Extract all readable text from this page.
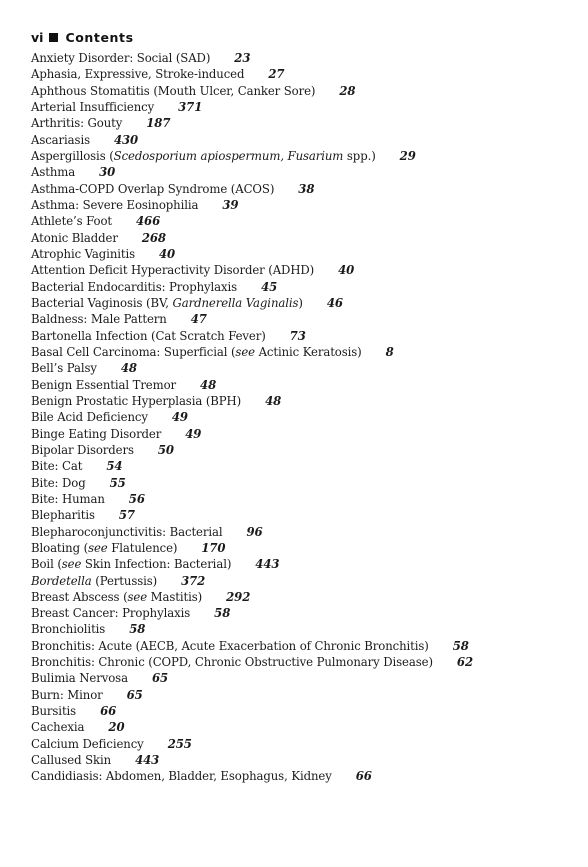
vi Contents
Anxiety Disorder: Social (SAD) 23
Aphasia, Expressive, Stroke-induced 27
Aphthous Stomatitis (Mouth Ulcer, Canker Sore) 28
Arterial Insufficiency 371
Arthritis: Gouty 187
Ascariasis 430
Aspergillosis (Scedosporium apiospermum, Fusarium spp.) 29
Asthma 30
Asthma-COPD Overlap Syndrome (ACOS) 38
Asthma: Severe Eosinophilia 39
Athlete’s Foot 466
Atonic Bladder 268
Atrophic Vaginitis 40
Attention Deficit Hyperactivity Disorder (ADHD) 40
Bacterial Endocarditis: Prophylaxis 45
Bacterial Vaginosis (BV, Gardnerella Vaginalis) 46
Baldness: Male Pattern 47
Bartonella Infection (Cat Scratch Fever) 73
Basal Cell Carcinoma: Superficial (see Actinic Keratosis) 8
Bell’s Palsy 48
Benign Essential Tremor 48
Benign Prostatic Hyperplasia (BPH) 48
Bile Acid Deficiency 49
Binge Eating Disorder 49
Bipolar Disorders 50
Bite: Cat 54
Bite: Dog 55
Bite: Human 56
Blepharitis 57
Blepharoconjunctivitis: Bacterial 96
Bloating (see Flatulence) 170
Boil (see Skin Infection: Bacterial) 443
Bordetella (Pertussis) 372
Breast Abscess (see Mastitis) 292
Breast Cancer: Prophylaxis 58
Bronchiolitis 58
Bronchitis: Acute (AECB, Acute Exacerbation of Chronic Bronchitis) 58
Bronchitis: Chronic (COPD, Chronic Obstructive Pulmonary Disease) 62
Bulimia Nervosa 65
Burn: Minor 65
Bursitis 66
Cachexia 20
Calcium Deficiency 255
Callused Skin 443
Candidiasis: Abdomen, Bladder, Esophagus, Kidney 66
